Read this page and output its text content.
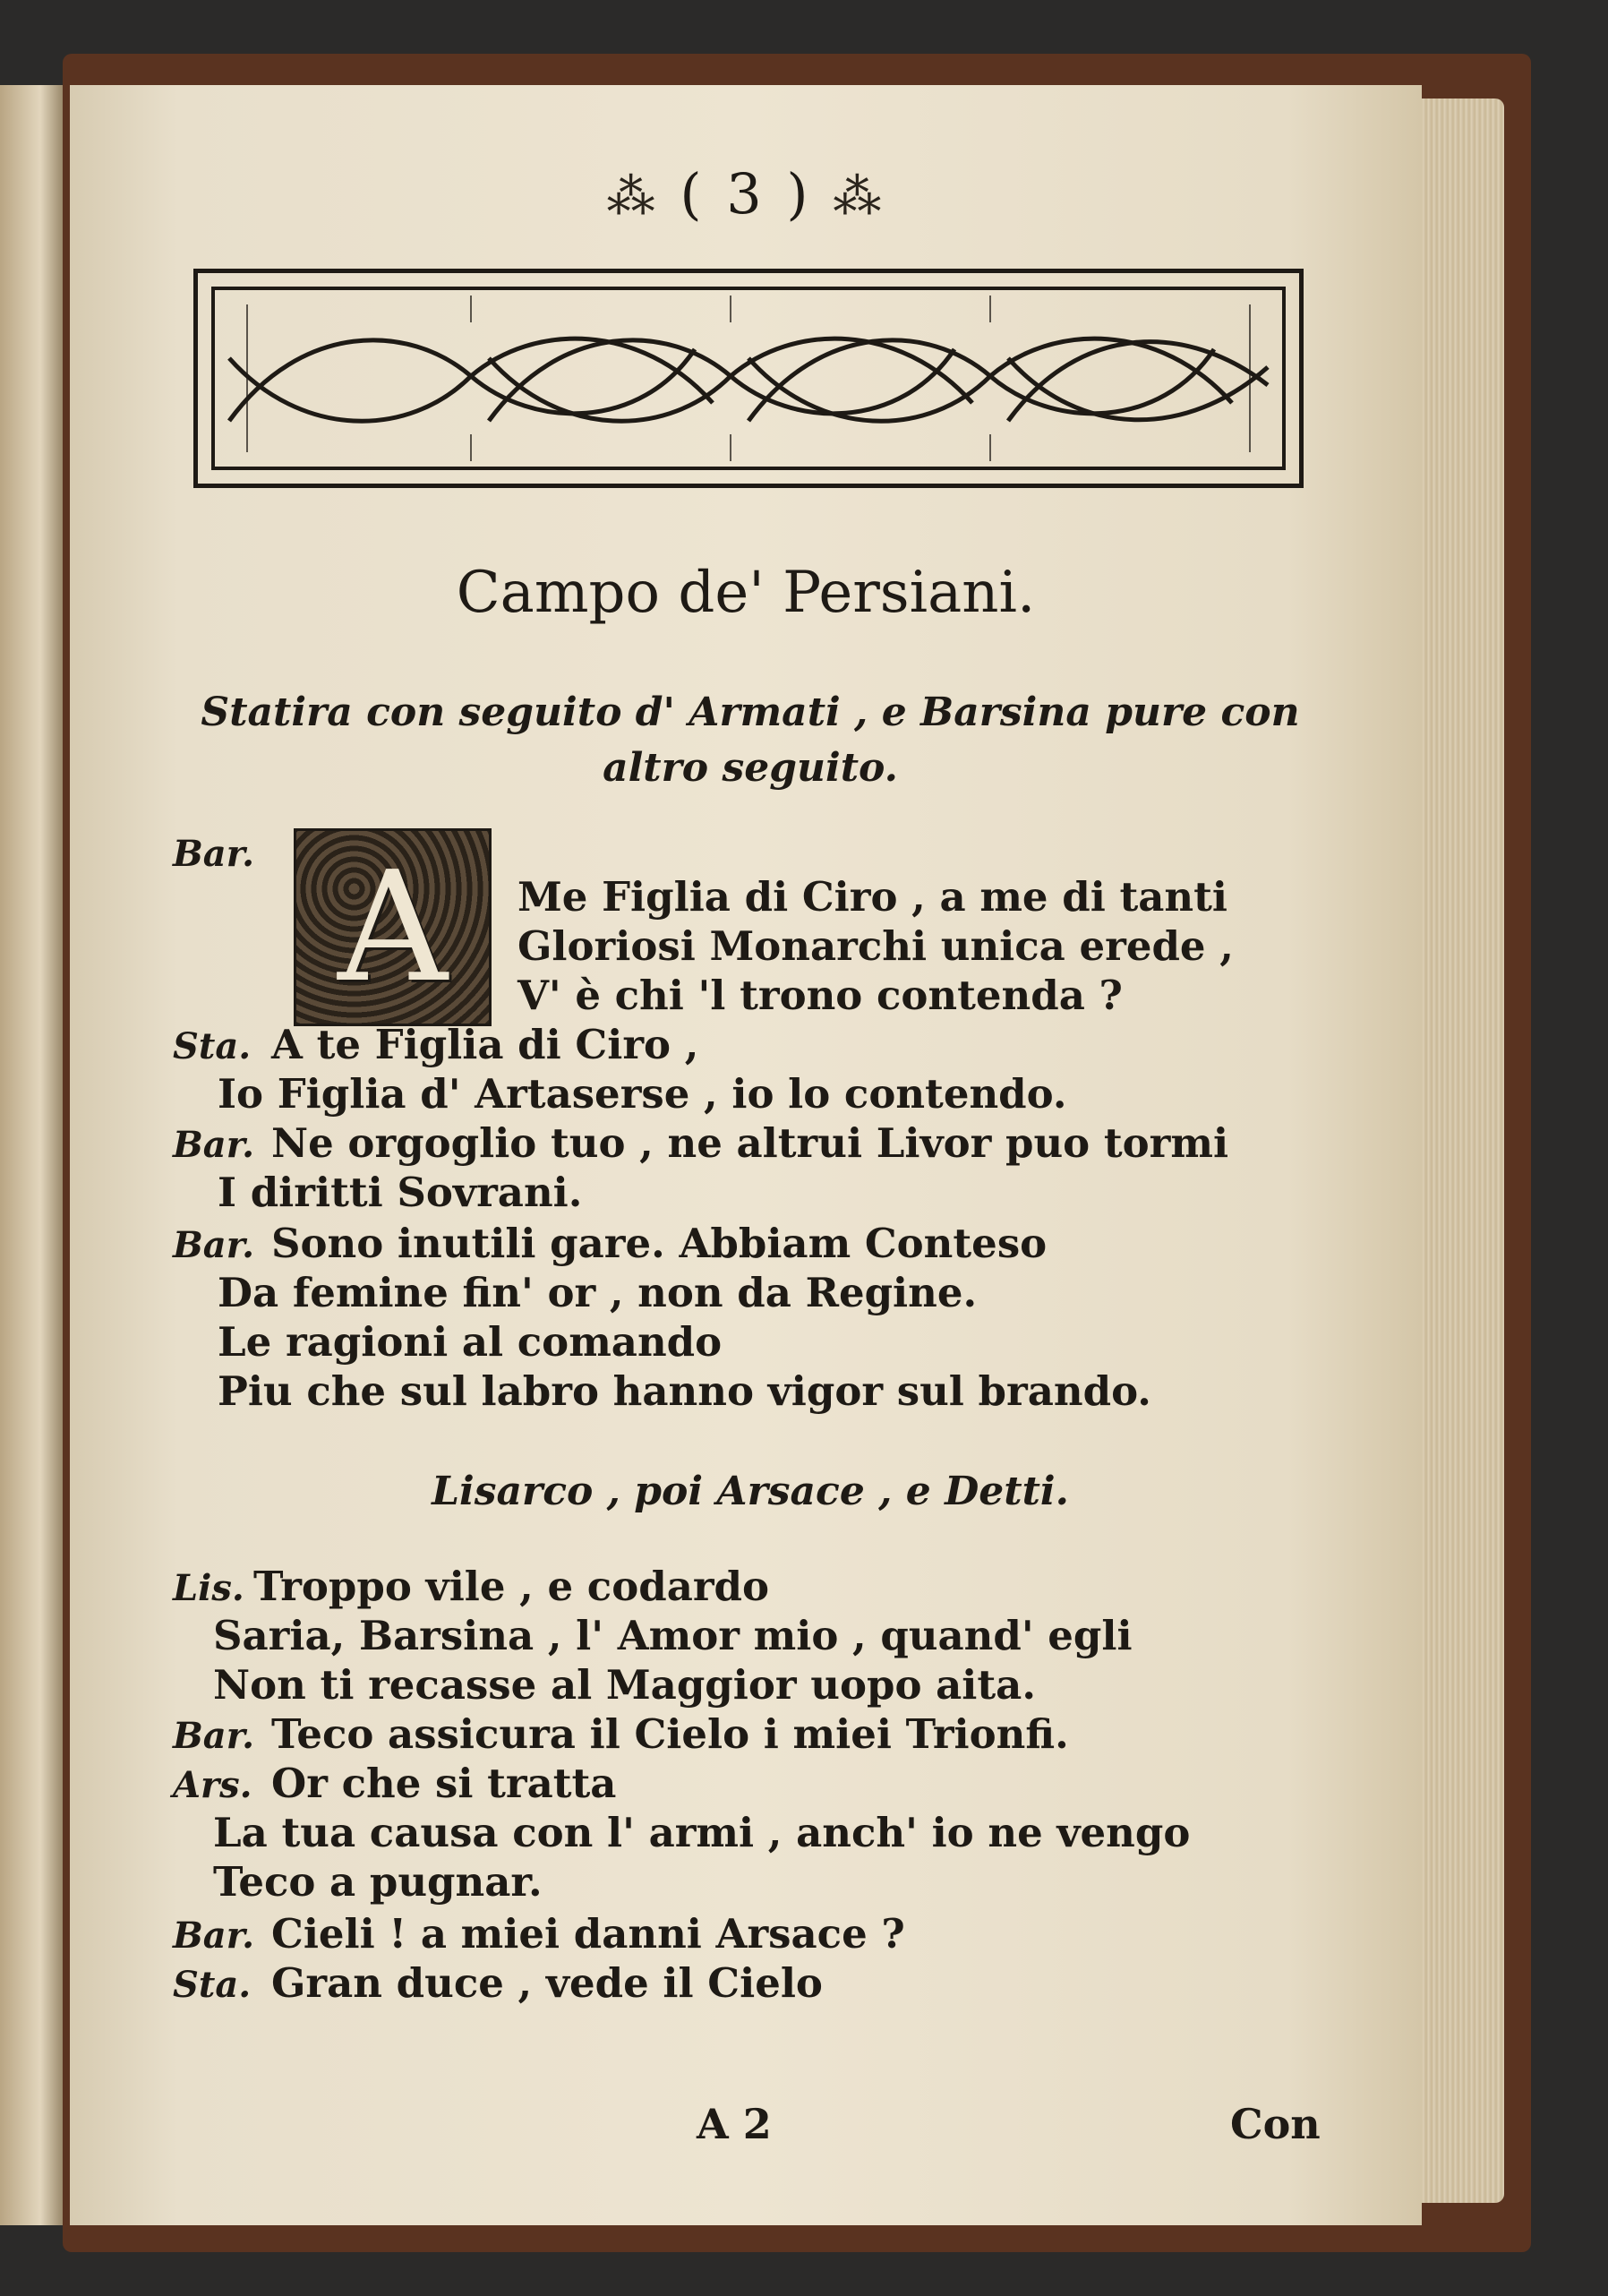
⁂ ( 3 ) ⁂
Campo de' Persiani.
Statira con seguito d' Armati , e Barsina pure con altro seguito.
A
Bar.
Me Figlia di Ciro , a me di tanti
Gloriosi Monarchi unica erede ,
V' è chi 'l trono contenda ?
Sta. A te Figlia di Ciro ,
Io Figlia d' Artaserse , io lo contendo.
Bar. Ne orgoglio tuo , ne altrui Livor puo tormi
I diritti Sovrani.
Bar. Sono inutili gare. Abbiam Conteso
Da femine fin' or , non da Regine.
Le ragioni al comando
Piu che sul labro hanno vigor sul brando.
Lisarco , poi Arsace , e Detti.
Lis. Troppo vile , e codardo
Saria, Barsina , l' Amor mio , quand' egli
Non ti recasse al Maggior uopo aita.
Bar. Teco assicura il Cielo i miei Trionfi.
Ars. Or che si tratta
La tua causa con l' armi , anch' io ne vengo
Teco a pugnar.
Bar. Cieli ! a miei danni Arsace ?
Sta. Gran duce , vede il Cielo
A 2	Con
